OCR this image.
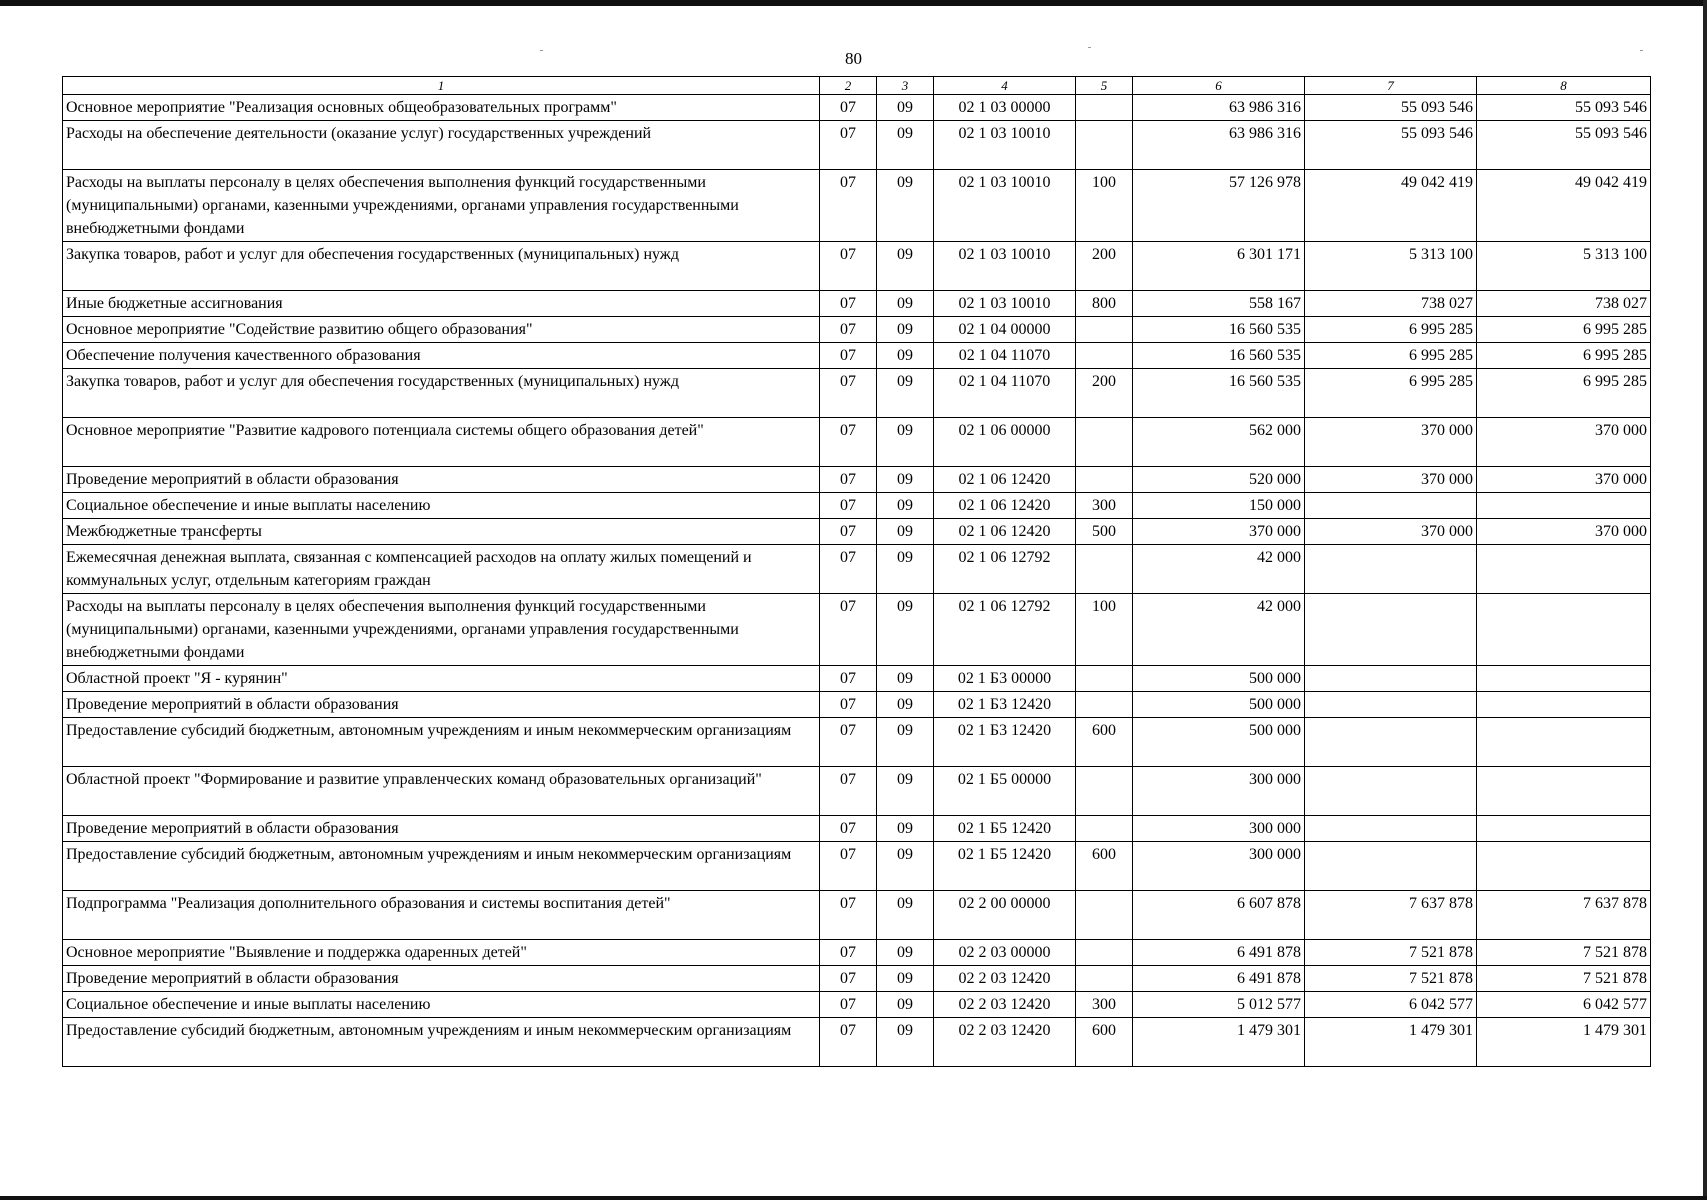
80
1	2	3	4	5	6	7	8
Основное мероприятие "Реализация основных общеобразовательных программ"	07	09	02 1 03 00000		63 986 316	55 093 546	55 093 546
Расходы на обеспечение деятельности (оказание услуг) государственных учреждений	07	09	02 1 03 10010		63 986 316	55 093 546	55 093 546
Расходы на выплаты персоналу в целях обеспечения выполнения функций государственными (муниципальными) органами, казенными учреждениями, органами управления государственными внебюджетными фондами	07	09	02 1 03 10010	100	57 126 978	49 042 419	49 042 419
Закупка товаров, работ и услуг для обеспечения государственных (муниципальных) нужд	07	09	02 1 03 10010	200	6 301 171	5 313 100	5 313 100
Иные бюджетные ассигнования	07	09	02 1 03 10010	800	558 167	738 027	738 027
Основное мероприятие "Содействие развитию общего образования"	07	09	02 1 04 00000		16 560 535	6 995 285	6 995 285
Обеспечение получения качественного образования	07	09	02 1 04 11070		16 560 535	6 995 285	6 995 285
Закупка товаров, работ и услуг для обеспечения государственных (муниципальных) нужд	07	09	02 1 04 11070	200	16 560 535	6 995 285	6 995 285
Основное мероприятие "Развитие кадрового потенциала системы общего образования детей"	07	09	02 1 06 00000		562 000	370 000	370 000
Проведение мероприятий в области образования	07	09	02 1 06 12420		520 000	370 000	370 000
Социальное обеспечение и иные выплаты населению	07	09	02 1 06 12420	300	150 000		
Межбюджетные трансферты	07	09	02 1 06 12420	500	370 000	370 000	370 000
Ежемесячная денежная выплата, связанная с компенсацией расходов на оплату жилых помещений и коммунальных услуг, отдельным категориям граждан	07	09	02 1 06 12792		42 000		
Расходы на выплаты персоналу в целях обеспечения выполнения функций государственными (муниципальными) органами, казенными учреждениями, органами управления государственными внебюджетными фондами	07	09	02 1 06 12792	100	42 000		
Областной проект "Я - курянин"	07	09	02 1 Б3 00000		500 000		
Проведение мероприятий в области образования	07	09	02 1 Б3 12420		500 000		
Предоставление субсидий бюджетным, автономным учреждениям и иным некоммерческим организациям	07	09	02 1 Б3 12420	600	500 000		
Областной проект "Формирование и развитие управленческих команд образовательных организаций"	07	09	02 1 Б5 00000		300 000		
Проведение мероприятий в области образования	07	09	02 1 Б5 12420		300 000		
Предоставление субсидий бюджетным, автономным учреждениям и иным некоммерческим организациям	07	09	02 1 Б5 12420	600	300 000		
Подпрограмма "Реализация дополнительного образования и системы воспитания детей"	07	09	02 2 00 00000		6 607 878	7 637 878	7 637 878
Основное мероприятие "Выявление и поддержка одаренных детей"	07	09	02 2 03 00000		6 491 878	7 521 878	7 521 878
Проведение мероприятий в области образования	07	09	02 2 03 12420		6 491 878	7 521 878	7 521 878
Социальное обеспечение и иные выплаты населению	07	09	02 2 03 12420	300	5 012 577	6 042 577	6 042 577
Предоставление субсидий бюджетным, автономным учреждениям и иным некоммерческим организациям	07	09	02 2 03 12420	600	1 479 301	1 479 301	1 479 301
